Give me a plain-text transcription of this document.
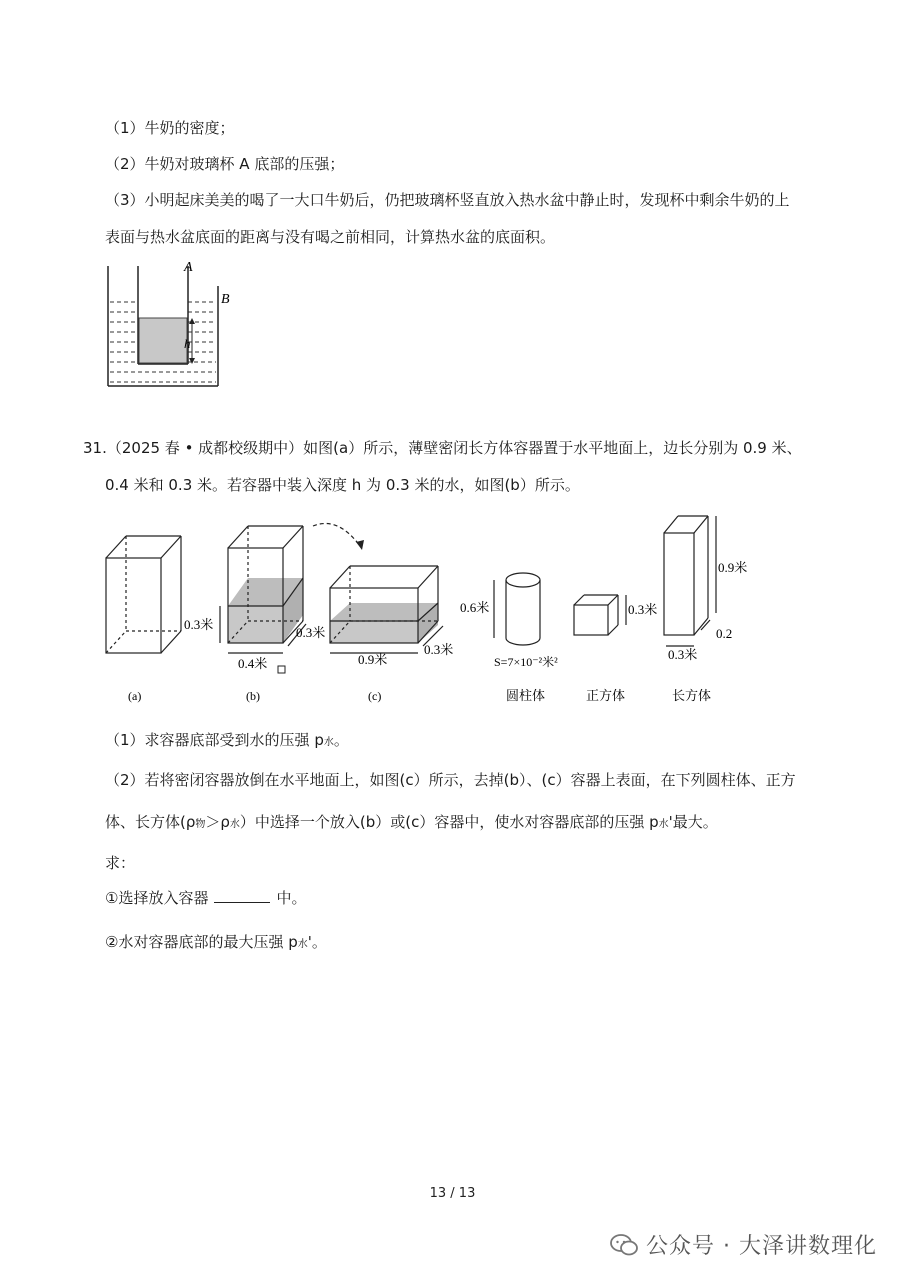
（1）牛奶的密度；
（2）牛奶对玻璃杯 A 底部的压强；
（3）小明起床美美的喝了一大口牛奶后，仍把玻璃杯竖直放入热水盆中静止时，发现杯中剩余牛奶的上
表面与热水盆底面的距离与没有喝之前相同，计算热水盆的底面积。
h
A
B
31.（2025 春 • 成都校级期中）如图(a）所示，薄壁密闭长方体容器置于水平地面上，边长分别为 0.9 米、
0.4 米和 0.3 米。若容器中装入深度 h 为 0.3 米的水，如图(b）所示。
0.3米
0.4米
0.3米
0.9米
0.3米
(a)	(b)	(c)
0.6米
S=7×10⁻²米²
圆柱体
0.3米
正方体
0.9米
0.2
0.3米
长方体
（1）求容器底部受到水的压强 p水。
（2）若将密闭容器放倒在水平地面上，如图(c）所示，去掉(b）、(c）容器上表面，在下列圆柱体、正方
体、长方体(ρ物＞ρ水）中选择一个放入(b）或(c）容器中，使水对容器底部的压强 p水'最大。
求：
①选择放入容器	中。
②水对容器底部的最大压强 p水'。
13 / 13
公众号 · 大泽讲数理化
